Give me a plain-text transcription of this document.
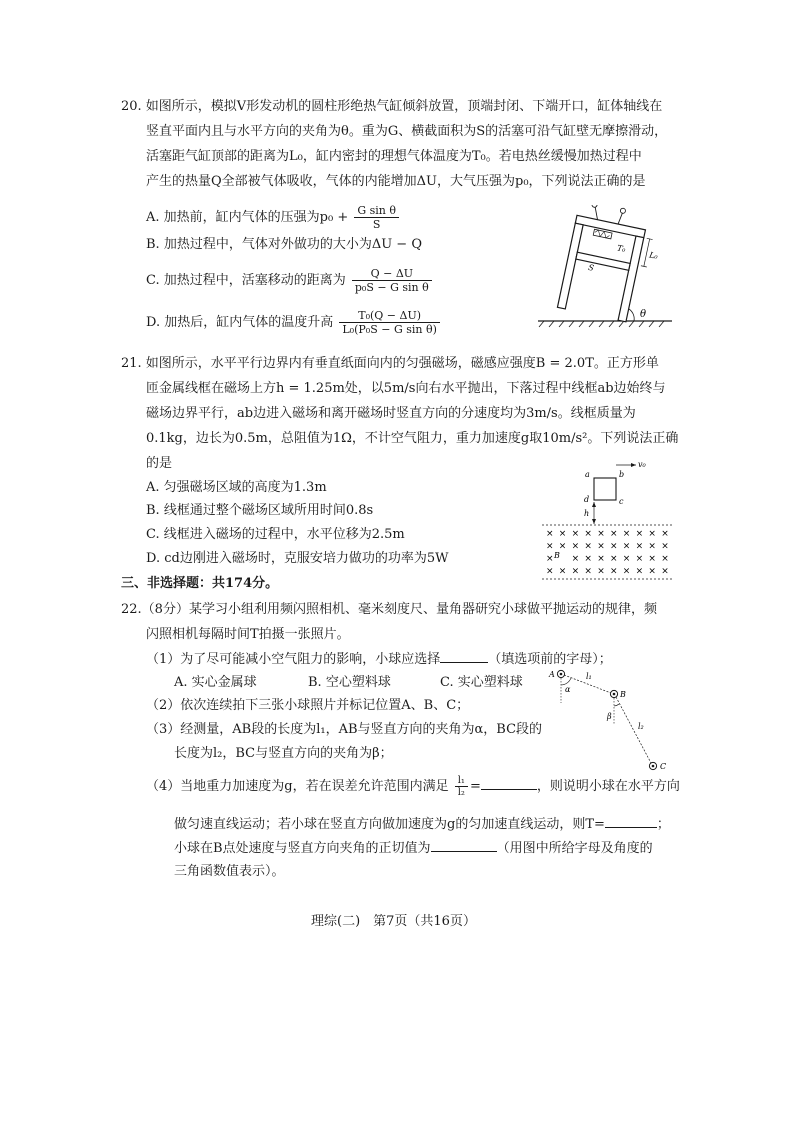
20. 如图所示，模拟V形发动机的圆柱形绝热气缸倾斜放置，顶端封闭、下端开口，缸体轴线在
竖直平面内且与水平方向的夹角为θ。重为G、横截面积为S的活塞可沿气缸壁无摩擦滑动，
活塞距气缸顶部的距离为L₀，缸内密封的理想气体温度为T₀。若电热丝缓慢加热过程中
产生的热量Q全部被气体吸收，气体的内能增加ΔU，大气压强为p₀，下列说法正确的是
A. 加热前，缸内气体的压强为$p_0 + \frac{\text{G sin θ}}{S}$
B. 加热过程中，气体对外做功的大小为ΔU − Q
C. 加热过程中，活塞移动的距离为 $\frac{Q - \Delta U}{\text{p₀S − G sin θ}}$
D. 加热后，缸内气体的温度升高 $\frac{\text{T₀(Q − ΔU)}}{\text{L₀(P₀S − G sin θ)}}$
T₀
S
L₀
θ
21. 如图所示，水平平行边界内有垂直纸面向内的匀强磁场，磁感应强度B = 2.0T。正方形单
匝金属线框在磁场上方h = 1.25m处，以5m/s向右水平抛出，下落过程中线框ab边始终与
磁场边界平行，ab边进入磁场和离开磁场时竖直方向的分速度均为3m/s。线框质量为
0.1kg，边长为0.5m，总阻值为1Ω，不计空气阻力，重力加速度g取10m/s²。下列说法正确
的是
A. 匀强磁场区域的高度为1.3m
B. 线框通过整个磁场区域所用时间0.8s
C. 线框进入磁场的过程中，水平位移为2.5m
D. cd边刚进入磁场时，克服安培力做功的功率为5W
a	b
c
d
v₀
h
× × × × × × × × × ×
× × × × × × × × × ×
× × × × × × × × ×
× × × × × × × × × ×
B
三、非选择题：共174分。
22.（8分）某学习小组利用频闪照相机、毫米刻度尺、量角器研究小球做平抛运动的规律，频
闪照相机每隔时间T拍摄一张照片。
（1）为了尽可能减小空气阻力的影响，小球应选择	（填选项前的字母）；
A. 实心金属球	B. 空心塑料球	C. 实心塑料球
（2）依次连续拍下三张小球照片并标记位置A、B、C；
（3）经测量，AB段的长度为l₁，AB与竖直方向的夹角为α，BC段的
长度为l₂，BC与竖直方向的夹角为β；
（4）当地重力加速度为g，若在误差允许范围内满足 $\frac{\text{l₁}}{\text{l₂}}$ =	，则说明小球在水平方向
做匀速直线运动；若小球在竖直方向做加速度为g的匀加速直线运动，则T=	；
小球在B点处速度与竖直方向夹角的正切值为	（用图中所给字母及角度的
三角函数值表示）。
A
B
C
α
β
l₁
l₂
理综(二)　第7页（共16页）
